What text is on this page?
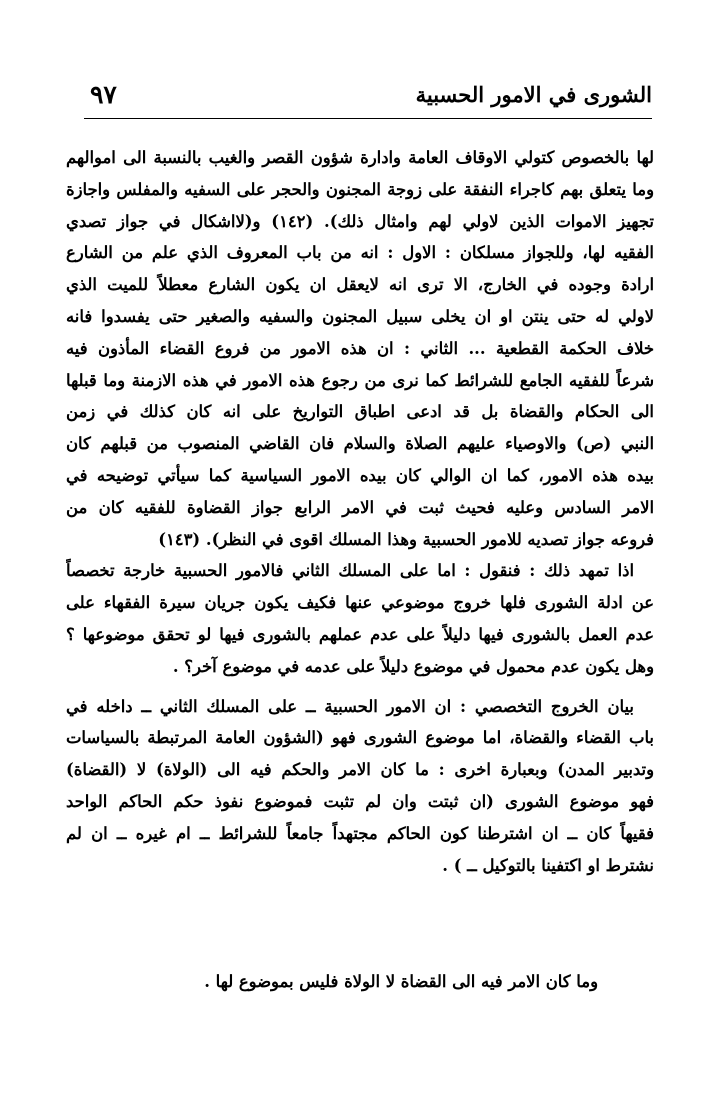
الشورى في الامور الحسبية
٩٧
لها بالخصوص كتولي الاوقاف العامة وادارة شؤون القصر والغيب بالنسبة الى اموالهم
وما يتعلق بهم كاجراء النفقة على زوجة المجنون والحجر على السفيه والمفلس واجازة
تجهيز الاموات الذين لاولي لهم وامثال ذلك). (١٤٢) و(لااشكال في جواز تصدي
الفقيه لها، وللجواز مسلكان : الاول : انه من باب المعروف الذي علم من الشارع
ارادة وجوده في الخارج، الا ترى انه لايعقل ان يكون الشارع معطلاً للميت الذي
لاولي له حتى ينتن او ان يخلى سبيل المجنون والسفيه والصغير حتى يفسدوا فانه
خلاف الحكمة القطعية ... الثاني : ان هذه الامور من فروع القضاء المأذون فيه
شرعاً للفقيه الجامع للشرائط كما نرى من رجوع هذه الامور في هذه الازمنة وما قبلها
الى الحكام والقضاة بل قد ادعى اطباق التواريخ على انه كان كذلك في زمن
النبي (ص) والاوصياء عليهم الصلاة والسلام فان القاضي المنصوب من قبلهم كان
بيده هذه الامور، كما ان الوالي كان بيده الامور السياسية كما سيأتي توضيحه في
الامر السادس وعليه فحيث ثبت في الامر الرابع جواز القضاوة للفقيه كان من
فروعه جواز تصديه للامور الحسبية وهذا المسلك اقوى في النظر). (١٤٣)
اذا تمهد ذلك : فنقول : اما على المسلك الثاني فالامور الحسبية خارجة تخصصاً
عن ادلة الشورى فلها خروج موضوعي عنها فكيف يكون جريان سيرة الفقهاء على
عدم العمل بالشورى فيها دليلاً على عدم عملهم بالشورى فيها لو تحقق موضوعها ؟
وهل يكون عدم محمول في موضوع دليلاً على عدمه في موضوع آخر؟ .
بيان الخروج التخصصي : ان الامور الحسبية ــ على المسلك الثاني ــ داخله في
باب القضاء والقضاة، اما موضوع الشورى فهو (الشؤون العامة المرتبطة بالسياسات
وتدبير المدن) وبعبارة اخرى : ما كان الامر والحكم فيه الى (الولاة) لا (القضاة)
فهو موضوع الشورى (ان ثبتت وان لم تثبت فموضوع نفوذ حكم الحاكم الواحد
فقيهاً كان ــ ان اشترطنا كون الحاكم مجتهداً جامعاً للشرائط ــ ام غيره ــ ان لم
نشترط او اكتفينا بالتوكيل ــ ) .
وما كان الامر فيه الى القضاة لا الولاة فليس بموضوع لها .
